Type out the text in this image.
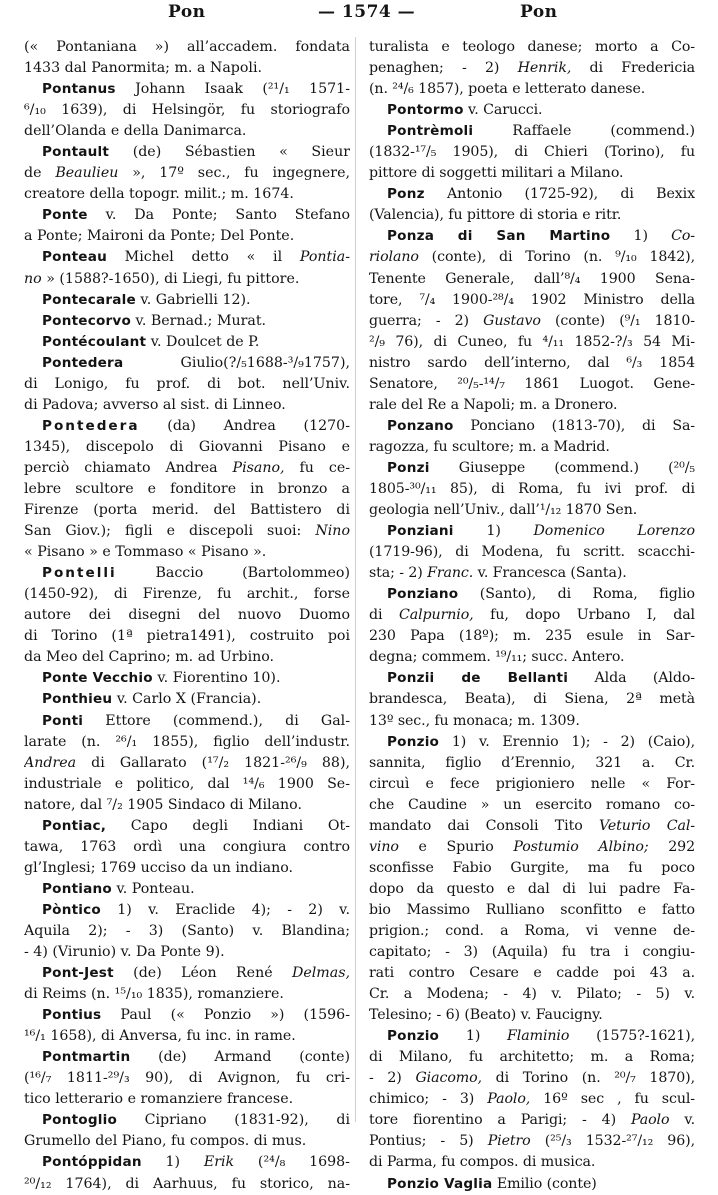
Pon	— 1574 —	Pon
(« Pontaniana ») all’accadem. fondata
1433 dal Panormita; m. a Napoli.
Pontanus Johann Isaak (²¹/₁ 1571-
⁶/₁₀ 1639), di Helsingör, fu storiografo
dell’Olanda e della Danimarca.
Pontault (de) Sébastien « Sieur
de Beaulieu », 17º sec., fu ingegnere,
creatore della topogr. milit.; m. 1674.
Ponte v. Da Ponte; Santo Stefano
a Ponte; Maironi da Ponte; Del Ponte.
Ponteau Michel detto « il Pontia-
no » (1588?-1650), di Liegi, fu pittore.
Pontecarale v. Gabrielli 12).
Pontecorvo v. Bernad.; Murat.
Pontécoulant v. Doulcet de P.
Pontedera Giulio(?/₅1688-³/₉1757),
di Lonigo, fu prof. di bot. nell’Univ.
di Padova; avverso al sist. di Linneo.
Pontedera (da) Andrea (1270-
1345), discepolo di Giovanni Pisano e
perciò chiamato Andrea Pisano, fu ce-
lebre scultore e fonditore in bronzo a
Firenze (porta merid. del Battistero di
San Giov.); figli e discepoli suoi: Nino
« Pisano » e Tommaso « Pisano ».
Pontelli Baccio (Bartolommeo)
(1450-92), di Firenze, fu archit., forse
autore dei disegni del nuovo Duomo
di Torino (1ª pietra1491), costruito poi
da Meo del Caprino; m. ad Urbino.
Ponte Vecchio v. Fiorentino 10).
Ponthieu v. Carlo X (Francia).
Ponti Ettore (commend.), di Gal-
larate (n. ²⁶/₁ 1855), figlio dell’industr.
Andrea di Gallarato (¹⁷/₂ 1821-²⁶/₉ 88),
industriale e politico, dal ¹⁴/₆ 1900 Se-
natore, dal ⁷/₂ 1905 Sindaco di Milano.
Pontiac, Capo degli Indiani Ot-
tawa, 1763 ordì una congiura contro
gl’Inglesi; 1769 ucciso da un indiano.
Pontiano v. Ponteau.
Pòntico 1) v. Eraclide 4); - 2) v.
Aquila 2); - 3) (Santo) v. Blandina;
- 4) (Virunio) v. Da Ponte 9).
Pont-Jest (de) Léon René Delmas,
di Reims (n. ¹⁵/₁₀ 1835), romanziere.
Pontius Paul (« Ponzio ») (1596-
¹⁶/₁ 1658), di Anversa, fu inc. in rame.
Pontmartin (de) Armand (conte)
(¹⁶/₇ 1811-²⁹/₃ 90), di Avignon, fu cri-
tico letterario e romanziere francese.
Pontoglio Cipriano (1831-92), di
Grumello del Piano, fu compos. di mus.
Pontóppidan 1) Erik (²⁴/₈ 1698-
²⁰/₁₂ 1764), di Aarhuus, fu storico, na-
turalista e teologo danese; morto a Co-
penaghen; - 2) Henrik, di Fredericia
(n. ²⁴/₆ 1857), poeta e letterato danese.
Pontormo v. Carucci.
Pontrèmoli Raffaele (commend.)
(1832-¹⁷/₅ 1905), di Chieri (Torino), fu
pittore di soggetti militari a Milano.
Ponz Antonio (1725-92), di Bexix
(Valencia), fu pittore di storia e ritr.
Ponza di San Martino 1) Co-
riolano (conte), di Torino (n. ⁹/₁₀ 1842),
Tenente Generale, dall’⁸/₄ 1900 Sena-
tore, ⁷/₄ 1900-²⁸/₄ 1902 Ministro della
guerra; - 2) Gustavo (conte) (⁹/₁ 1810-
²/₉ 76), di Cuneo, fu ⁴/₁₁ 1852-?/₃ 54 Mi-
nistro sardo dell’interno, dal ⁶/₃ 1854
Senatore, ²⁰/₅-¹⁴/₇ 1861 Luogot. Gene-
rale del Re a Napoli; m. a Dronero.
Ponzano Ponciano (1813-70), di Sa-
ragozza, fu scultore; m. a Madrid.
Ponzi Giuseppe (commend.) (²⁰/₅
1805-³⁰/₁₁ 85), di Roma, fu ivi prof. di
geologia nell’Univ., dall’¹/₁₂ 1870 Sen.
Ponziani 1) Domenico Lorenzo
(1719-96), di Modena, fu scritt. scacchi-
sta; - 2) Franc. v. Francesca (Santa).
Ponziano (Santo), di Roma, figlio
di Calpurnio, fu, dopo Urbano I, dal
230 Papa (18º); m. 235 esule in Sar-
degna; commem. ¹⁹/₁₁; succ. Antero.
Ponzii de Bellanti Alda (Aldo-
brandesca, Beata), di Siena, 2ª metà
13º sec., fu monaca; m. 1309.
Ponzio 1) v. Erennio 1); - 2) (Caio),
sannita, figlio d’Erennio, 321 a. Cr.
circuì e fece prigioniero nelle « For-
che Caudine » un esercito romano co-
mandato dai Consoli Tito Veturio Cal-
vino e Spurio Postumio Albino; 292
sconfisse Fabio Gurgite, ma fu poco
dopo da questo e dal di lui padre Fa-
bio Massimo Rulliano sconfitto e fatto
prigion.; cond. a Roma, vi venne de-
capitato; - 3) (Aquila) fu tra i congiu-
rati contro Cesare e cadde poi 43 a.
Cr. a Modena; - 4) v. Pilato; - 5) v.
Telesino; - 6) (Beato) v. Faucigny.
Ponzio 1) Flaminio (1575?-1621),
di Milano, fu architetto; m. a Roma;
- 2) Giacomo, di Torino (n. ²⁰/₇ 1870),
chimico; - 3) Paolo, 16º sec , fu scul-
tore fiorentino a Parigi; - 4) Paolo v.
Pontius; - 5) Pietro (²⁵/₃ 1532-²⁷/₁₂ 96),
di Parma, fu compos. di musica.
Ponzio Vaglia Emilio (conte)
